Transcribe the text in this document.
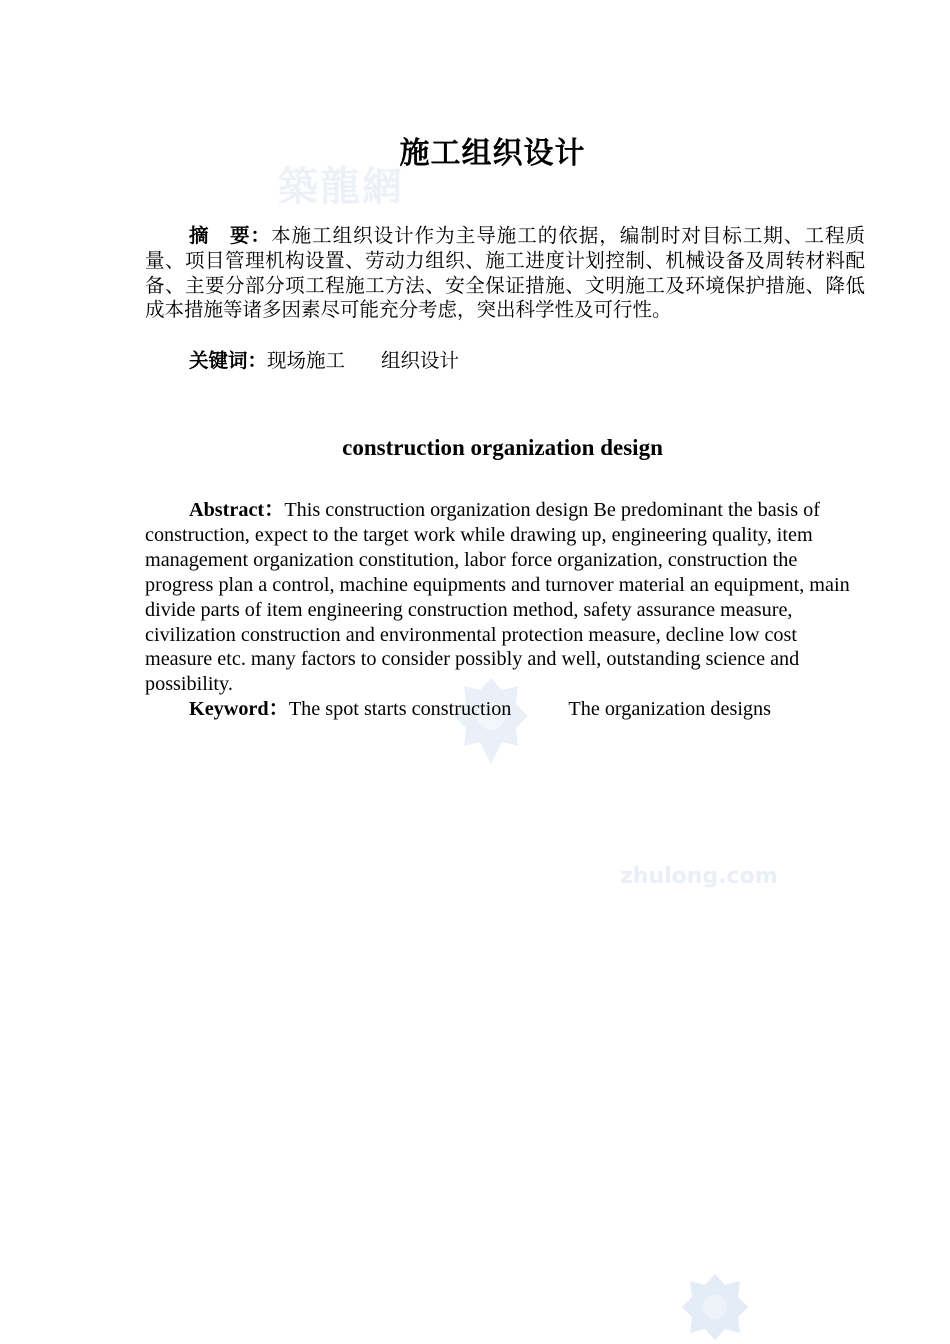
築龍網
zhulong.com
施工组织设计

摘　要：本施工组织设计作为主导施工的依据，编制时对目标工期、工程质量、项目管理机构设置、劳动力组织、施工进度计划控制、机械设备及周转材料配备、主要分部分项工程施工方法、安全保证措施、文明施工及环境保护措施、降低成本措施等诸多因素尽可能充分考虑，突出科学性及可行性。

关键词：现场施工 组织设计
construction organization design

Abstract：This construction organization design Be predominant the basis of construction, expect to the target work while drawing up, engineering quality, item management organization constitution, labor force organization, construction the progress plan a control, machine equipments and turnover material an equipment, main divide parts of item engineering construction method, safety assurance measure, civilization construction and environmental protection measure, decline low cost measure etc. many factors to consider possibly and well, outstanding science and possibility.

Keyword：The spot starts construction	The organization designs
